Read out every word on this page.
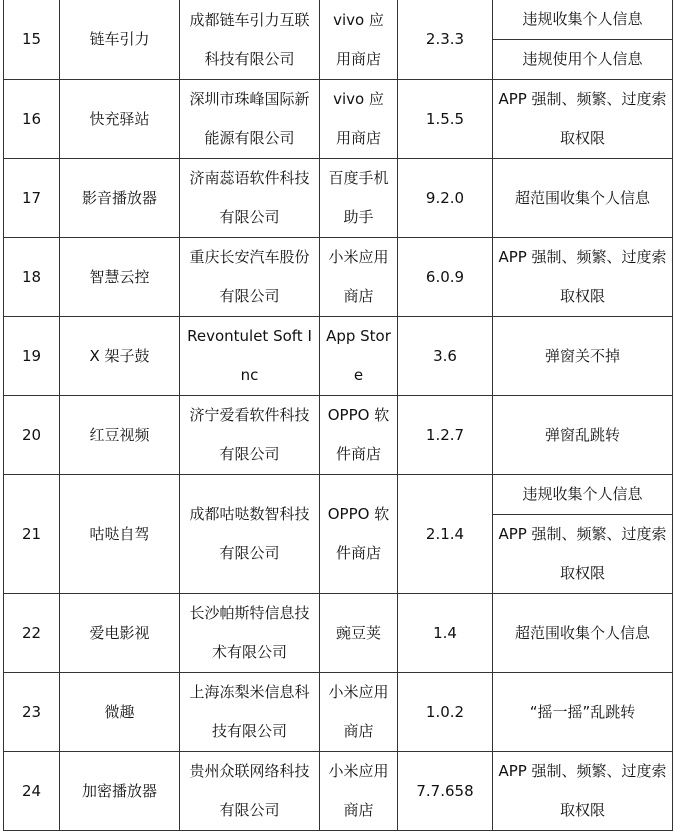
15	链车引力	成都链车引力互联科技有限公司	vivo 应用商店	2.3.3	违规收集个人信息
					违规使用个人信息
16	快充驿站	深圳市珠峰国际新能源有限公司	vivo 应用商店	1.5.5	APP 强制、频繁、过度索取权限
17	影音播放器	济南蕊语软件科技有限公司	百度手机助手	9.2.0	超范围收集个人信息
18	智慧云控	重庆长安汽车股份有限公司	小米应用商店	6.0.9	APP 强制、频繁、过度索取权限
19	X 架子鼓	Revontulet Soft Inc	App Store	3.6	弹窗关不掉
20	红豆视频	济宁爱看软件科技有限公司	OPPO 软件商店	1.2.7	弹窗乱跳转
21	咕哒自驾	成都咕哒数智科技有限公司	OPPO 软件商店	2.1.4	违规收集个人信息
					APP 强制、频繁、过度索取权限
22	爱电影视	长沙帕斯特信息技术有限公司	豌豆荚	1.4	超范围收集个人信息
23	微趣	上海冻梨米信息科技有限公司	小米应用商店	1.0.2	“摇一摇”乱跳转
24	加密播放器	贵州众联网络科技有限公司	小米应用商店	7.7.658	APP 强制、频繁、过度索取权限
